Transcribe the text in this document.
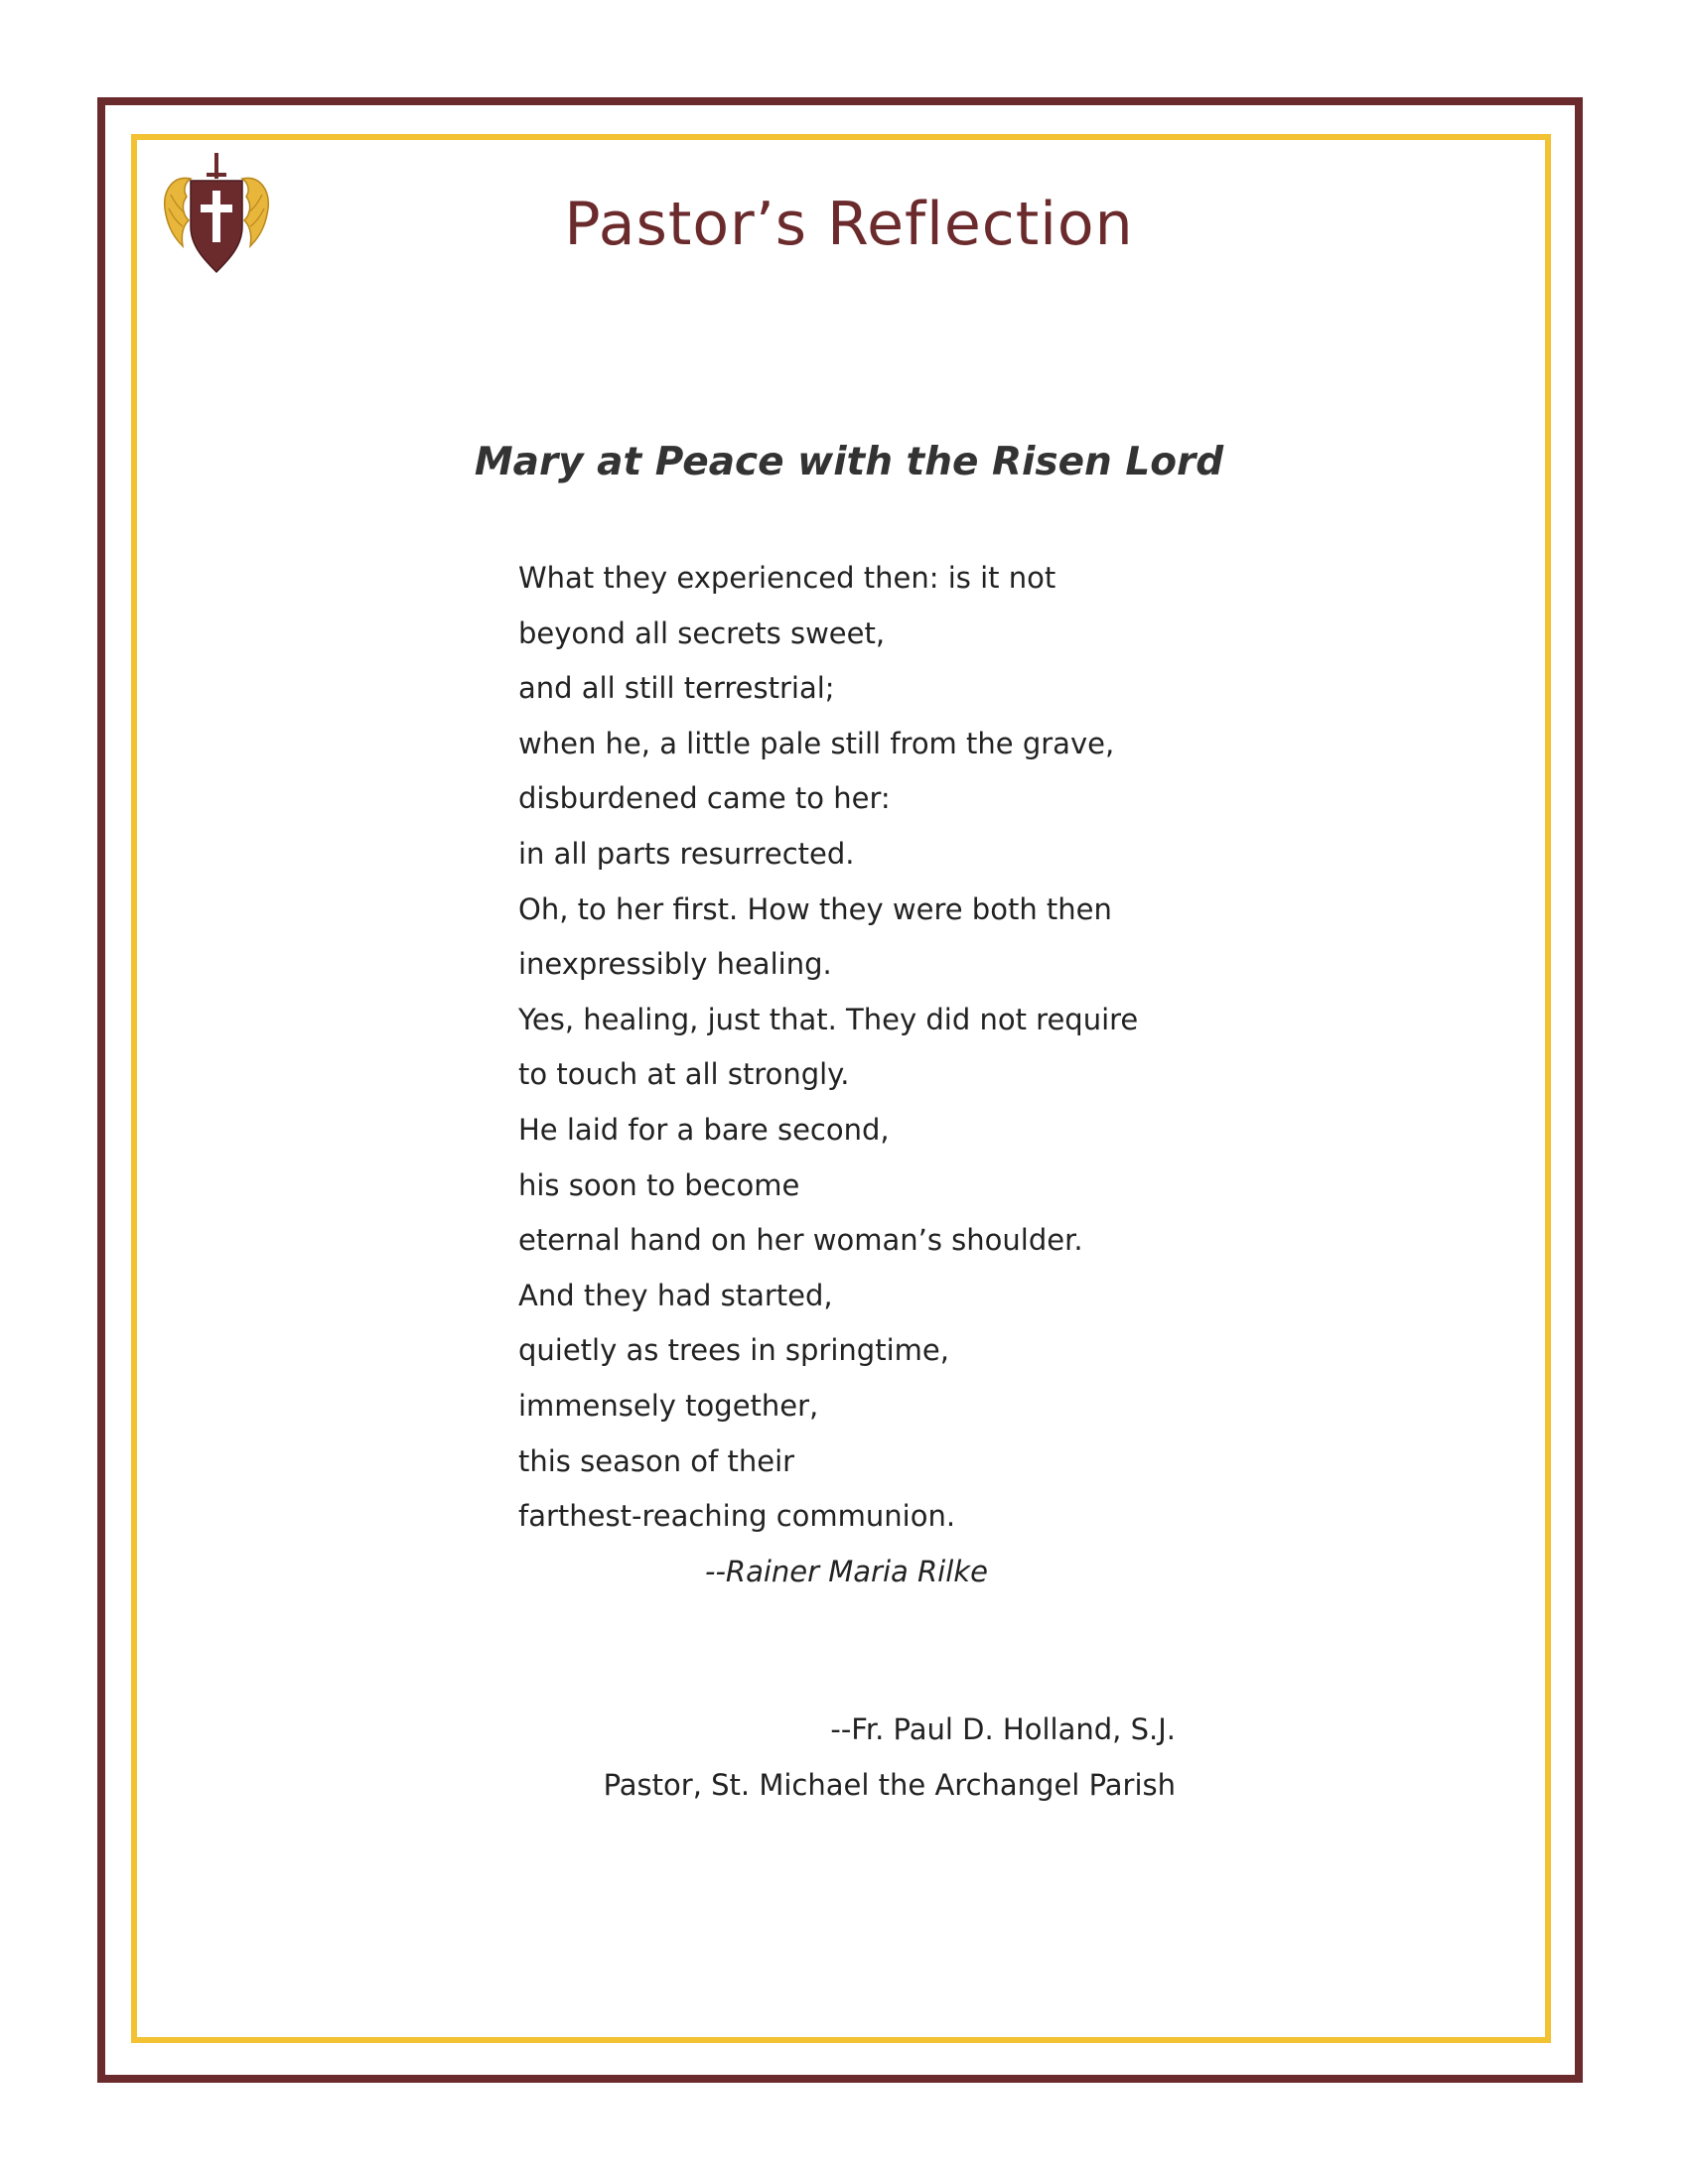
Pastor’s Reflection
Mary at Peace with the Risen Lord
What they experienced then: is it not
beyond all secrets sweet,
and all still terrestrial;
when he, a little pale still from the grave,
disburdened came to her:
in all parts resurrected.
Oh, to her first. How they were both then
inexpressibly healing.
Yes, healing, just that. They did not require
to touch at all strongly.
He laid for a bare second,
his soon to become
eternal hand on her woman’s shoulder.
And they had started,
quietly as trees in springtime,
immensely together,
this season of their
farthest-reaching communion.
--Rainer Maria Rilke
--Fr. Paul D. Holland, S.J.
Pastor, St. Michael the Archangel Parish
